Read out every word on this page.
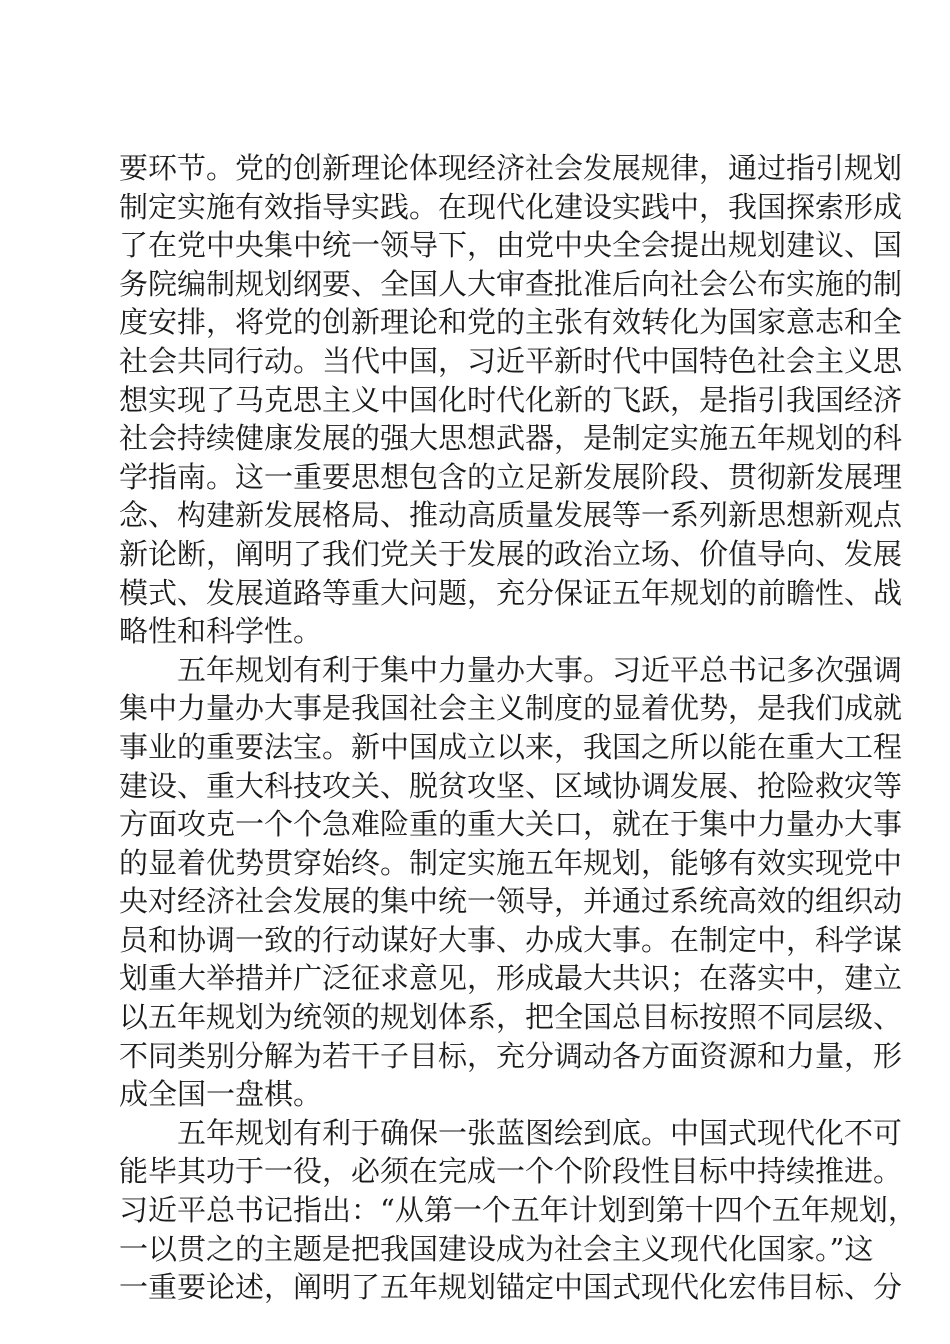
要环节。党的创新理论体现经济社会发展规律，通过指引规划
制定实施有效指导实践。在现代化建设实践中，我国探索形成
了在党中央集中统一领导下，由党中央全会提出规划建议、国
务院编制规划纲要、全国人大审查批准后向社会公布实施的制
度安排，将党的创新理论和党的主张有效转化为国家意志和全
社会共同行动。当代中国，习近平新时代中国特色社会主义思
想实现了马克思主义中国化时代化新的飞跃，是指引我国经济
社会持续健康发展的强大思想武器，是制定实施五年规划的科
学指南。这一重要思想包含的立足新发展阶段、贯彻新发展理
念、构建新发展格局、推动高质量发展等一系列新思想新观点
新论断，阐明了我们党关于发展的政治立场、价值导向、发展
模式、发展道路等重大问题，充分保证五年规划的前瞻性、战
略性和科学性。
五年规划有利于集中力量办大事。习近平总书记多次强调
集中力量办大事是我国社会主义制度的显着优势，是我们成就
事业的重要法宝。新中国成立以来，我国之所以能在重大工程
建设、重大科技攻关、脱贫攻坚、区域协调发展、抢险救灾等
方面攻克一个个急难险重的重大关口，就在于集中力量办大事
的显着优势贯穿始终。制定实施五年规划，能够有效实现党中
央对经济社会发展的集中统一领导，并通过系统高效的组织动
员和协调一致的行动谋好大事、办成大事。在制定中，科学谋
划重大举措并广泛征求意见，形成最大共识；在落实中，建立
以五年规划为统领的规划体系，把全国总目标按照不同层级、
不同类别分解为若干子目标，充分调动各方面资源和力量，形
成全国一盘棋。
五年规划有利于确保一张蓝图绘到底。中国式现代化不可
能毕其功于一役，必须在完成一个个阶段性目标中持续推进。
习近平总书记指出：“从第一个五年计划到第十四个五年规划，
一以贯之的主题是把我国建设成为社会主义现代化国家。”这
一重要论述，阐明了五年规划锚定中国式现代化宏伟目标、分
